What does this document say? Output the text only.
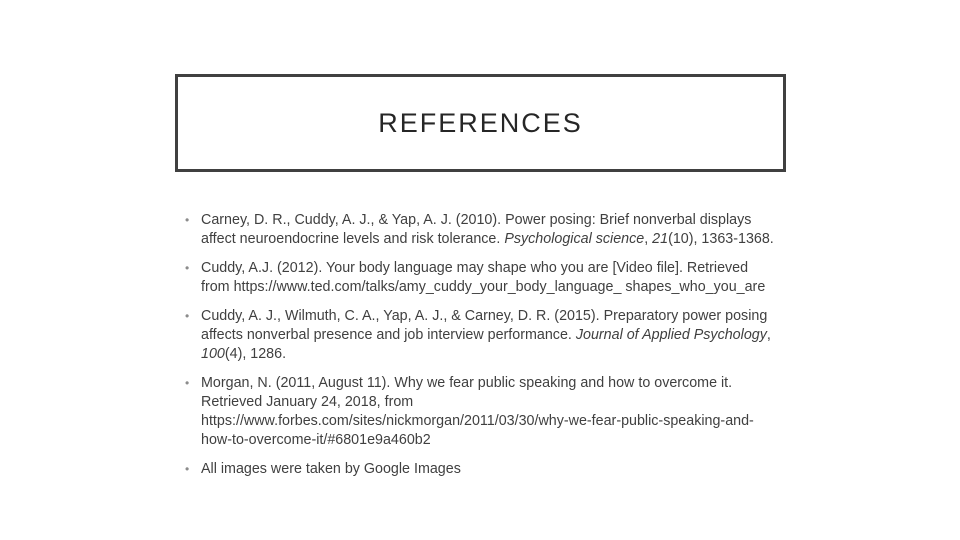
REFERENCES
• Carney, D. R., Cuddy, A. J., & Yap, A. J. (2010). Power posing: Brief nonverbal displays affect neuroendocrine levels and risk tolerance. Psychological science, 21(10), 1363-1368.
• Cuddy, A.J. (2012). Your body language may shape who you are [Video file]. Retrieved from https://www.ted.com/talks/amy_cuddy_your_body_language_ shapes_who_you_are
• Cuddy, A. J., Wilmuth, C. A., Yap, A. J., & Carney, D. R. (2015). Preparatory power posing affects nonverbal presence and job interview performance. Journal of Applied Psychology, 100(4), 1286.
• Morgan, N. (2011, August 11). Why we fear public speaking and how to overcome it. Retrieved January 24, 2018, from https://www.forbes.com/sites/nickmorgan/2011/03/30/why-we-fear-public-speaking-and-how-to-overcome-it/#6801e9a460b2
• All images were taken by Google Images
